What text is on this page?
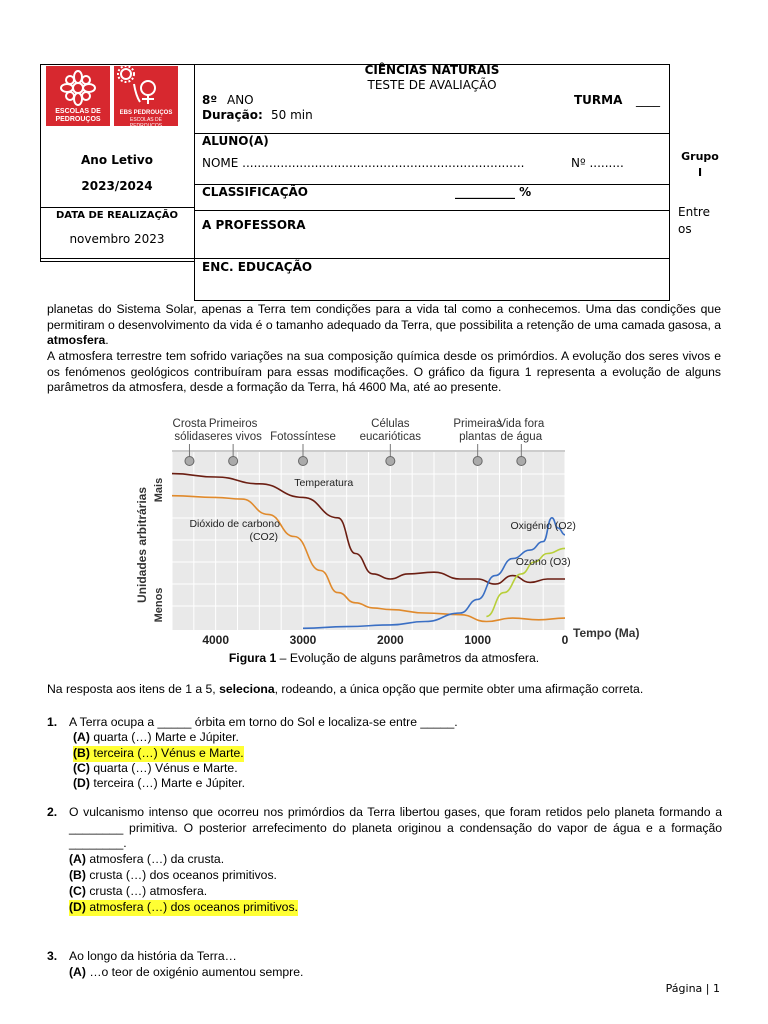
ESCOLAS DE PEDROUÇOS
EBS PEDROUÇOS
ESCOLAS DE PEDROUÇOS
Ano Letivo
2023/2024
DATA DE REALIZAÇÃO
novembro 2023
CIÊNCIAS NATURAIS
TESTE DE AVALIAÇÃO
8º ANO	TURMA ____
Duração: 50 min
ALUNO(A)
NOME ..........................................................................	Nº .........
CLASSIFICAÇÃO	__________ %
A PROFESSORA
ENC. EDUCAÇÃO
Grupo
I
Entre
os
planetas do Sistema Solar, apenas a Terra tem condições para a vida tal como a conhecemos. Uma das condições que permitiram o desenvolvimento da vida é o tamanho adequado da Terra, que possibilita a retenção de uma camada gasosa, a atmosfera.
A atmosfera terrestre tem sofrido variações na sua composição química desde os primórdios. A evolução dos seres vivos e os fenómenos geológicos contribuíram para essas modificações. O gráfico da figura 1 representa a evolução de alguns parâmetros da atmosfera, desde a formação da Terra, há 4600 Ma, até ao presente.
Crosta
sólida
Primeiros
seres vivos Fotossíntese
Células
eucarióticas
Primeiras
plantas
Vida fora
de água
4000	3000	2000	1000	0 Tempo (Ma)
Unidades arbitrárias Mais
Menos
Temperatura
Dióxido de carbono
(CO2)
Oxigénio (O2)
Ozono (O3)
Figura 1 – Evolução de alguns parâmetros da atmosfera.
Na resposta aos itens de 1 a 5, seleciona, rodeando, a única opção que permite obter uma afirmação correta.
1. A Terra ocupa a _____ órbita em torno do Sol e localiza-se entre _____.
(A) quarta (…) Marte e Júpiter.
(B) terceira (…) Vénus e Marte.
(C) quarta (…) Vénus e Marte.
(D) terceira (…) Marte e Júpiter.
2. O vulcanismo intenso que ocorreu nos primórdios da Terra libertou gases, que foram retidos pelo planeta formando a ________ primitiva. O posterior arrefecimento do planeta originou a condensação do vapor de água e a formação ________.
(A) atmosfera (…) da crusta.
(B) crusta (…) dos oceanos primitivos.
(C) crusta (…) atmosfera.
(D) atmosfera (…) dos oceanos primitivos.
3. Ao longo da história da Terra…
(A) …o teor de oxigénio aumentou sempre.
Página | 1
